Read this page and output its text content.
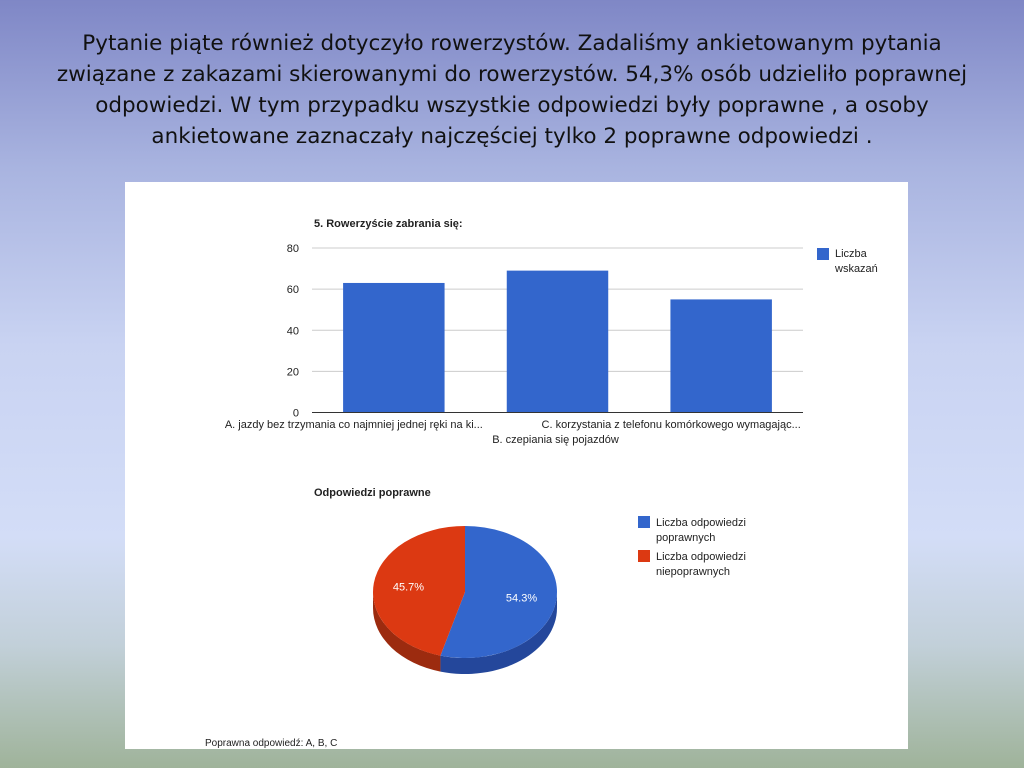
Pytanie piąte również dotyczyło rowerzystów. Zadaliśmy ankietowanym pytania związane z zakazami skierowanymi do rowerzystów. 54,3% osób udzieliło poprawnej odpowiedzi. W tym przypadku wszystkie odpowiedzi były poprawne , a osoby ankietowane zaznaczały najczęściej tylko 2 poprawne odpowiedzi .
5. Rowerzyście zabrania się:
0
20
40
60
80
A. jazdy bez trzymania co najmniej jednej ręki na ki...
B. czepiania się pojazdów
C. korzystania z telefonu komórkowego wymagając...
Liczba wskazań
Odpowiedzi poprawne
54.3%
45.7%
Liczba odpowiedzi poprawnych
Liczba odpowiedzi niepoprawnych
Poprawna odpowiedź: A, B, C
